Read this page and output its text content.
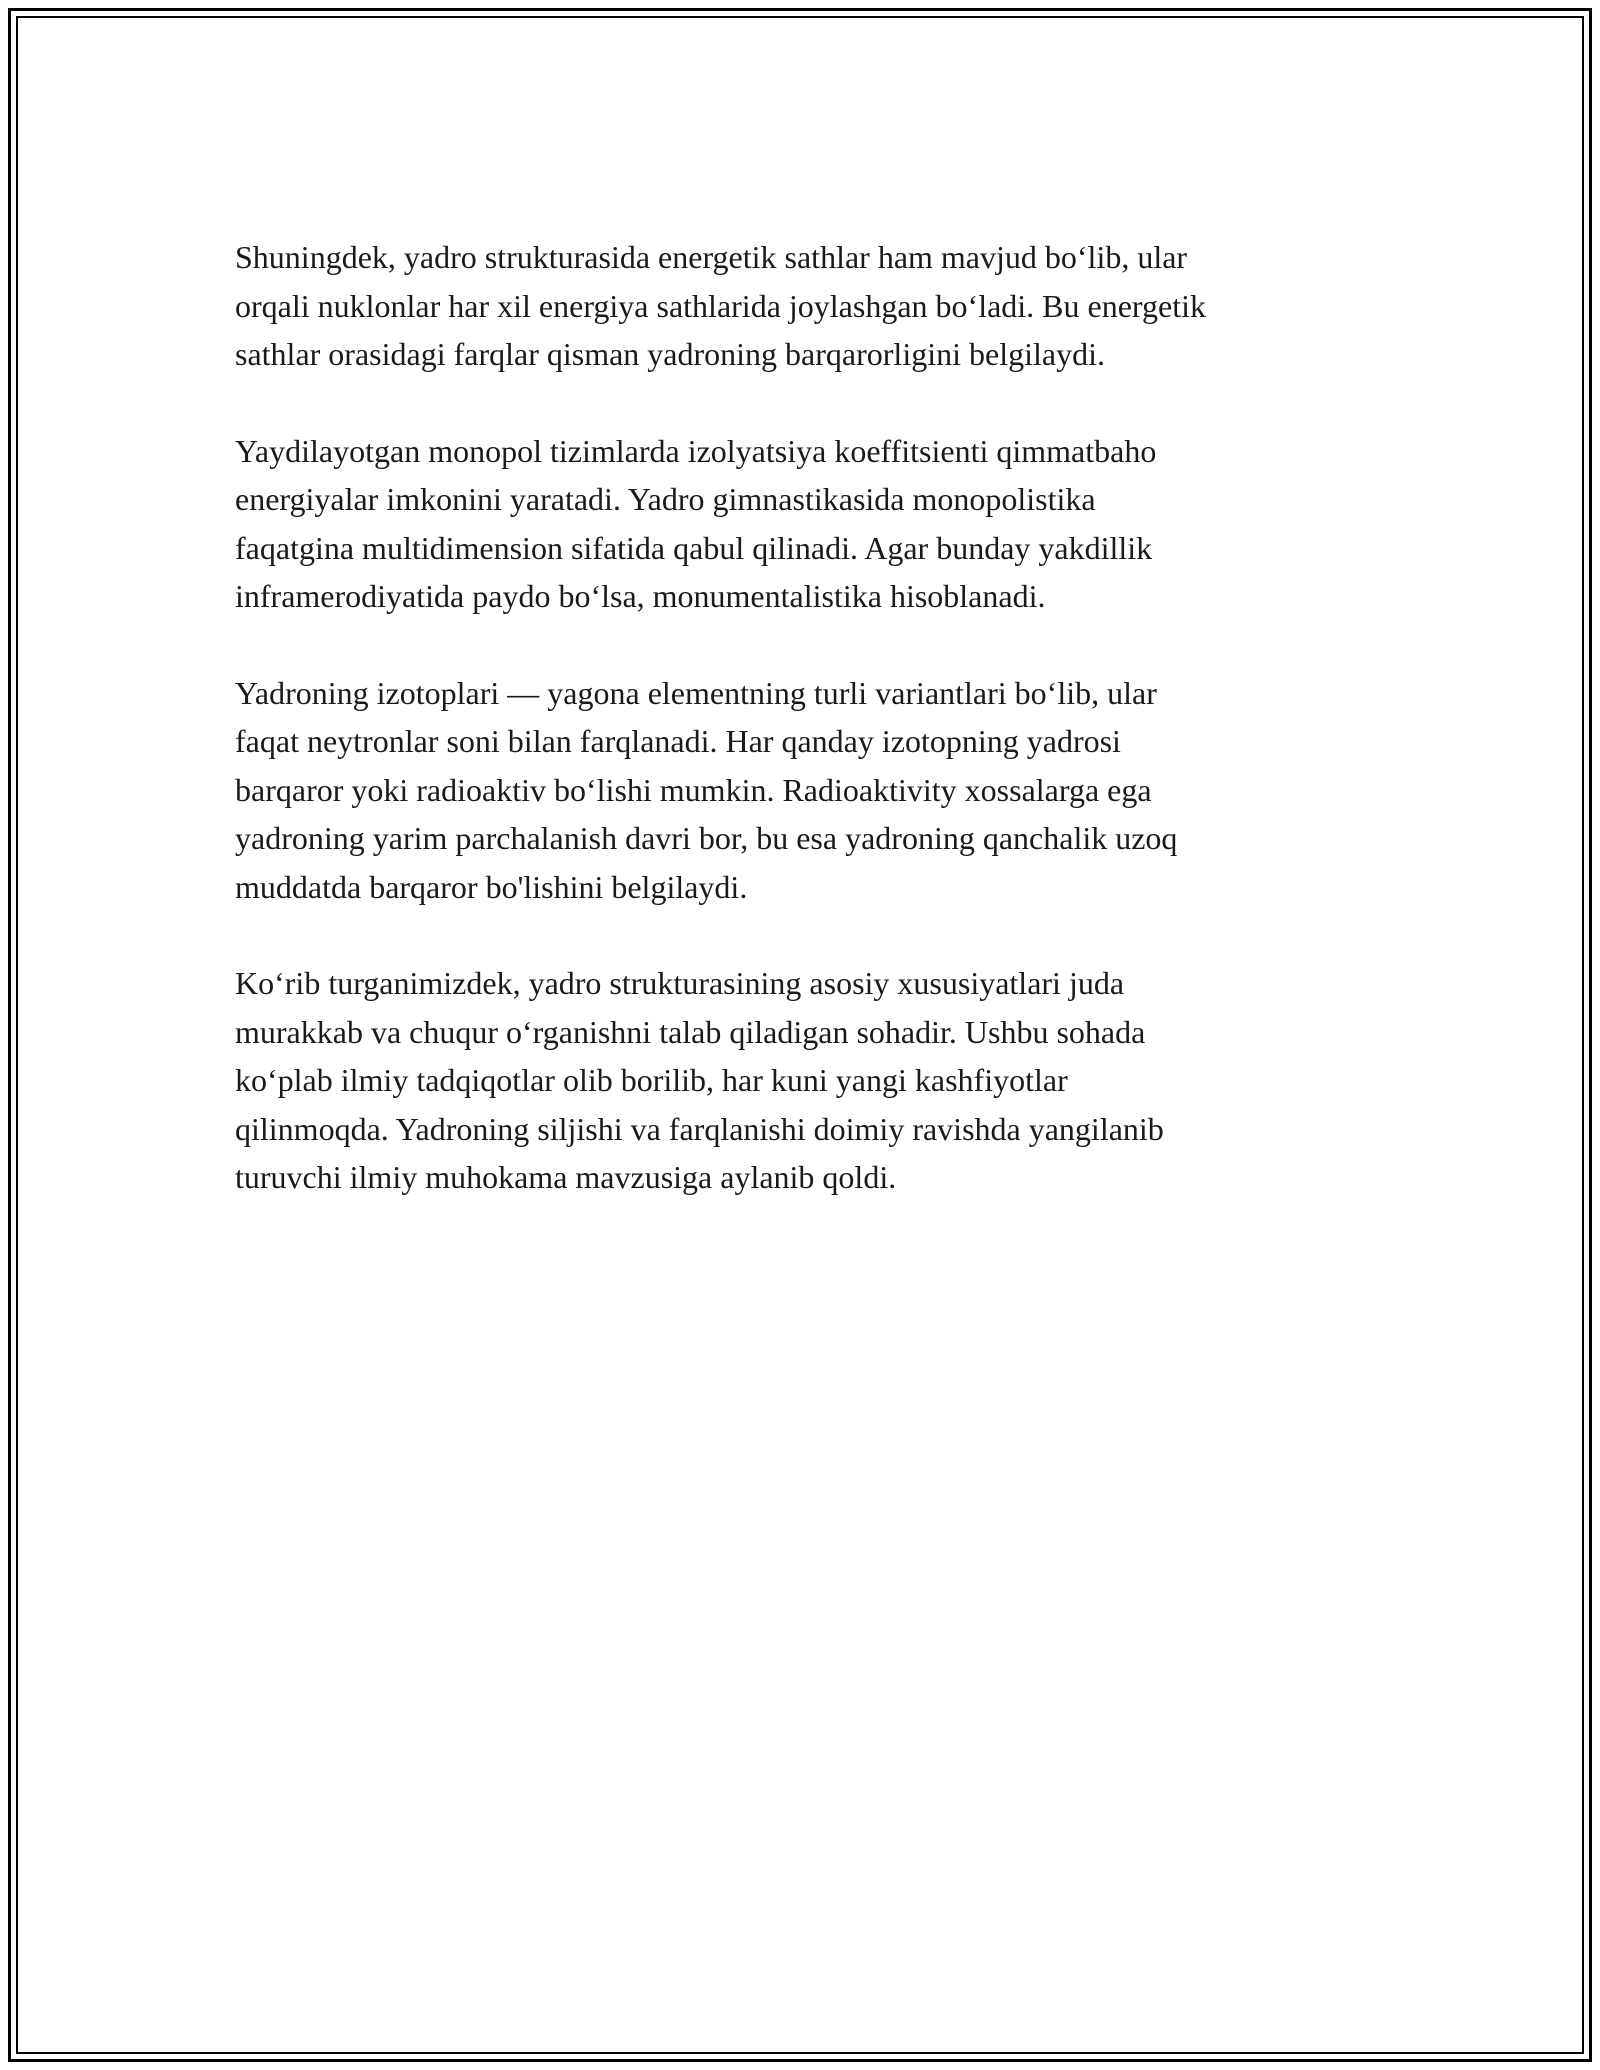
Shuningdek, yadro strukturasida energetik sathlar ham mavjud bo‘lib, ular
orqali nuklonlar har xil energiya sathlarida joylashgan bo‘ladi. Bu energetik
sathlar orasidagi farqlar qisman yadroning barqarorligini belgilaydi.

Yaydilayotgan monopol tizimlarda izolyatsiya koeffitsienti qimmatbaho
energiyalar imkonini yaratadi. Yadro gimnastikasida monopolistika
faqatgina multidimension sifatida qabul qilinadi. Agar bunday yakdillik
inframerodiyatida paydo bo‘lsa, monumentalistika hisoblanadi.

Yadroning izotoplari — yagona elementning turli variantlari bo‘lib, ular
faqat neytronlar soni bilan farqlanadi. Har qanday izotopning yadrosi
barqaror yoki radioaktiv bo‘lishi mumkin. Radioaktivity xossalarga ega
yadroning yarim parchalanish davri bor, bu esa yadroning qanchalik uzoq
muddatda barqaror bo'lishini belgilaydi.

Ko‘rib turganimizdek, yadro strukturasining asosiy xususiyatlari juda
murakkab va chuqur o‘rganishni talab qiladigan sohadir. Ushbu sohada
ko‘plab ilmiy tadqiqotlar olib borilib, har kuni yangi kashfiyotlar
qilinmoqda. Yadroning siljishi va farqlanishi doimiy ravishda yangilanib
turuvchi ilmiy muhokama mavzusiga aylanib qoldi.
